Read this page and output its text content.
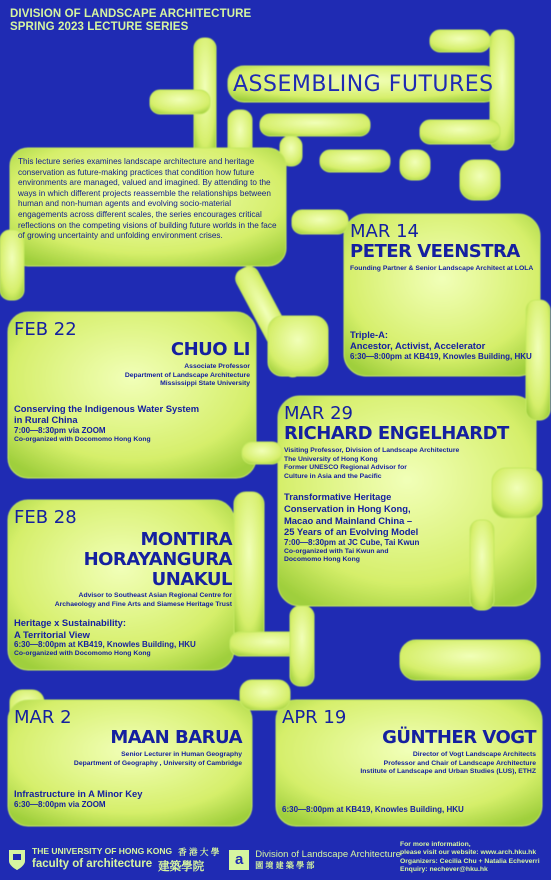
DIVISION OF LANDSCAPE ARCHITECTURE
SPRING 2023 LECTURE SERIES
ASSEMBLING FUTURES
This lecture series examines landscape architecture and heritage conservation as future-making practices that condition how future environments are managed, valued and imagined. By attending to the ways in which different projects reassemble the relationships between human and non-human agents and evolving socio-material engagements across different scales, the series encourages critical reflections on the competing visions of building future worlds in the face of growing uncertainty and unfolding environment crises.	MAR 14
PETER VEENSTRA
Founding Partner & Senior Landscape Architect at LOLA
Triple-A:
Ancestor, Activist, Accelerator
6:30—8:00pm at KB419, Knowles Building, HKU
FEB 22
CHUO LI
Associate Professor
Department of Landscape Architecture
Mississippi State University
Conserving the Indigenous Water System
in Rural China
7:00—8:30pm via ZOOM
Co-organized with Docomomo Hong Kong
MAR 29
RICHARD ENGELHARDT
Visiting Professor, Division of Landscape Architecture
The University of Hong Kong
Former UNESCO Regional Advisor for
Culture in Asia and the Pacific
Transformative Heritage
Conservation in Hong Kong,
Macao and Mainland China –
25 Years of an Evolving Model
7:00—8:30pm at JC Cube, Tai Kwun
Co-organized with Tai Kwun and
Docomomo Hong Kong
FEB 28
MONTIRA
HORAYANGURA
UNAKUL
Advisor to Southeast Asian Regional Centre for
Archaeology and Fine Arts and Siamese Heritage Trust
Heritage x Sustainability:
A Territorial View
6:30—8:00pm at KB419, Knowles Building, HKU
Co-organized with Docomomo Hong Kong
MAR 2
MAAN BARUA
Senior Lecturer in Human Geography
Department of Geography , University of Cambridge
Infrastructure in A Minor Key
6:30—8:00pm via ZOOM
APR 19
GÜNTHER VOGT
Director of Vogt Landscape Architects
Professor and Chair of Landscape Architecture
Institute of Landscape and Urban Studies (LUS), ETHZ
6:30—8:00pm at KB419, Knowles Building, HKU
THE UNIVERSITY OF HONG KONG 香 港 大 學
faculty of architecture 建築學院	a	Division of Landscape Architecture
園 境 建 築 學 部
For more information,
please visit our website: www.arch.hku.hk
Organizers: Cecilia Chu + Natalia Echeverri
Enquiry: nechever@hku.hk
